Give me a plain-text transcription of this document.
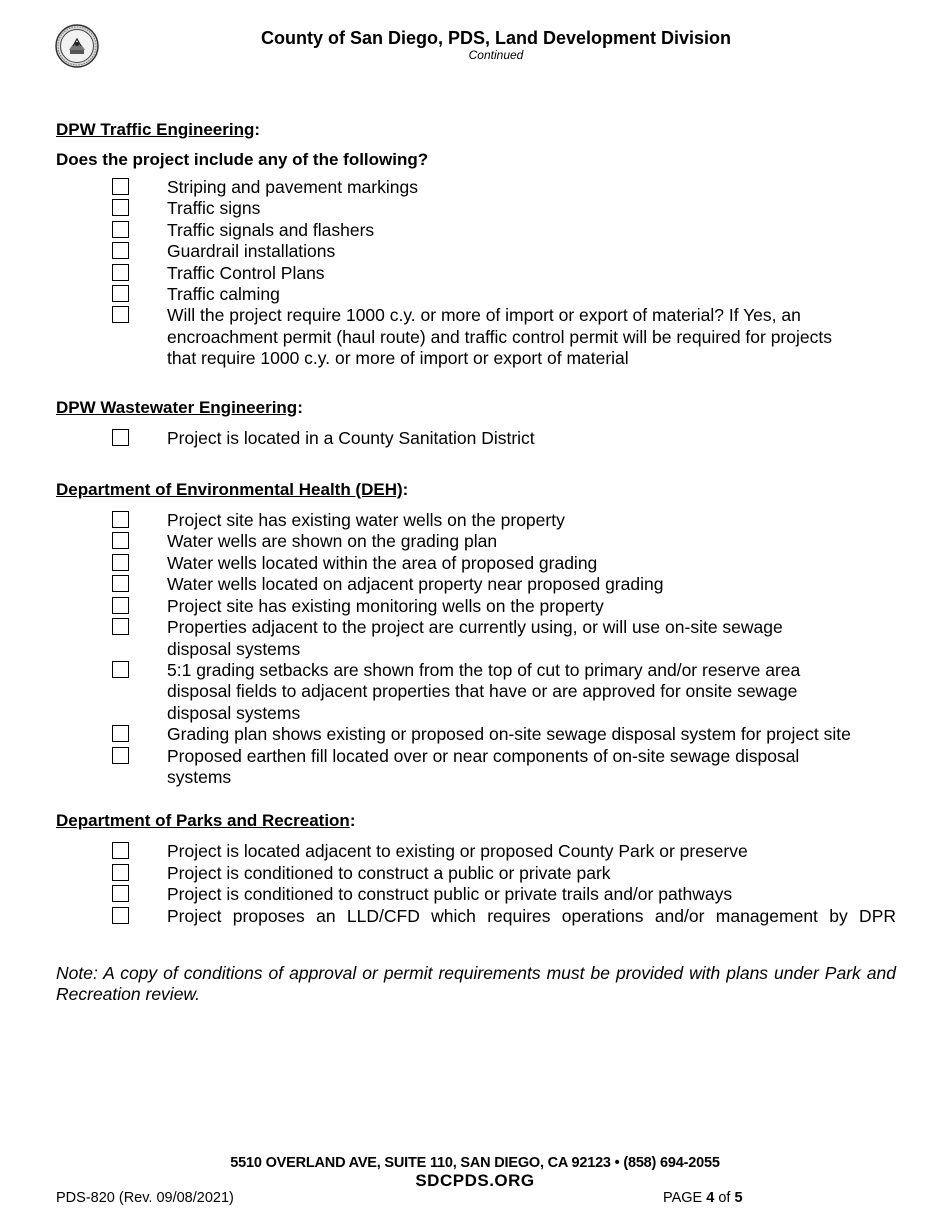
County of San Diego, PDS, Land Development Division
Continued
DPW Traffic Engineering:
Does the project include any of the following?
Striping and pavement markings
Traffic signs
Traffic signals and flashers
Guardrail installations
Traffic Control Plans
Traffic calming
Will the project require 1000 c.y. or more of import or export of material? If Yes, an encroachment permit (haul route) and traffic control permit will be required for projects that require 1000 c.y. or more of import or export of material
DPW Wastewater Engineering:
Project is located in a County Sanitation District
Department of Environmental Health (DEH):
Project site has existing water wells on the property
Water wells are shown on the grading plan
Water wells located within the area of proposed grading
Water wells located on adjacent property near proposed grading
Project site has existing monitoring wells on the property
Properties adjacent to the project are currently using, or will use on-site sewage disposal systems
5:1 grading setbacks are shown from the top of cut to primary and/or reserve area disposal fields to adjacent properties that have or are approved for onsite sewage disposal systems
Grading plan shows existing or proposed on-site sewage disposal system for project site
Proposed earthen fill located over or near components of on-site sewage disposal systems
Department of Parks and Recreation:
Project is located adjacent to existing or proposed County Park or preserve
Project is conditioned to construct a public or private park
Project is conditioned to construct public or private trails and/or pathways
Project proposes an LLD/CFD which requires operations and/or management by DPR
Note: A copy of conditions of approval or permit requirements must be provided with plans under Park and Recreation review.
5510 OVERLAND AVE, SUITE 110, SAN DIEGO, CA 92123 • (858) 694-2055
SDCPDS.ORG
PDS-820 (Rev. 09/08/2021)	PAGE 4 of 5
